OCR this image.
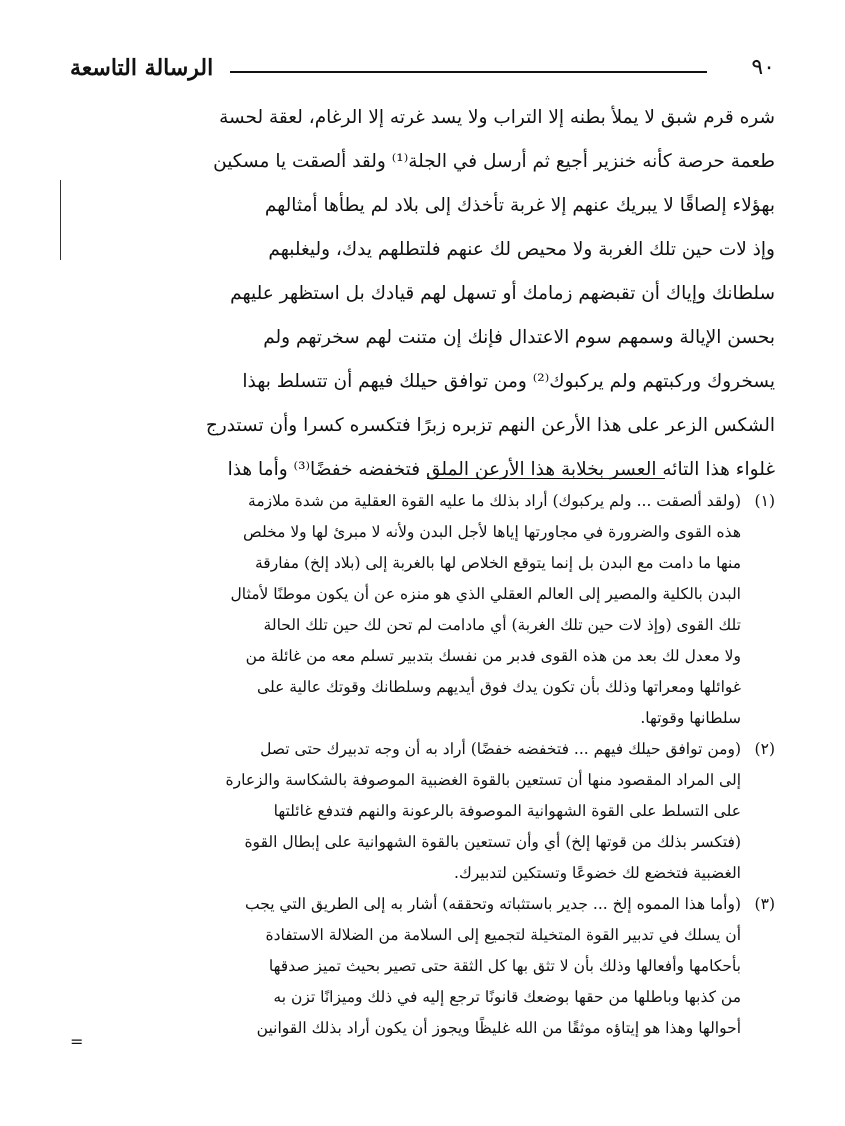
الرسالة التاسعة	٩٠
شره قرم شبق لا يملأ بطنه إلا التراب ولا يسد غرته إلا الرغام، لعقة لحسة
طعمة حرصة كأنه خنزير أجيع ثم أرسل في الجلة⁽¹⁾ ولقد ألصقت يا مسكين
بهؤلاء إلصاقًا لا يبريك عنهم إلا غربة تأخذك إلى بلاد لم يطأها أمثالهم
وإذ لات حين تلك الغربة ولا محيص لك عنهم فلتطلهم يدك، وليغلبهم
سلطانك وإياك أن تقبضهم زمامك أو تسهل لهم قيادك بل استظهر عليهم
بحسن الإيالة وسمهم سوم الاعتدال فإنك إن متنت لهم سخرتهم ولم
يسخروك وركبتهم ولم يركبوك⁽²⁾ ومن توافق حيلك فيهم أن تتسلط بهذا
الشكس الزعر على هذا الأرعن النهم تزبره زبرًا فتكسره كسرا وأن تستدرج
غلواء هذا التائه العسر بخلابة هذا الأرعن الملق فتخفضه خفضًا⁽³⁾ وأما هذا
(١)(ولقد ألصقت ... ولم يركبوك) أراد بذلك ما عليه القوة العقلية من شدة ملازمة
هذه القوى والضرورة في مجاورتها إياها لأجل البدن ولأنه لا مبرئ لها ولا مخلص
منها ما دامت مع البدن بل إنما يتوقع الخلاص لها بالغربة إلى (بلاد إلخ) مفارقة
البدن بالكلية والمصير إلى العالم العقلي الذي هو منزه عن أن يكون موطنًا لأمثال
تلك القوى (وإذ لات حين تلك الغربة) أي مادامت لم تحن لك حين تلك الحالة
ولا معدل لك بعد من هذه القوى فدبر من نفسك بتدبير تسلم معه من غائلة من
غوائلها ومعراتها وذلك بأن تكون يدك فوق أيديهم وسلطانك وقوتك عالية على
سلطانها وقوتها.
(٢)(ومن توافق حيلك فيهم ... فتخفضه خفضًا) أراد به أن وجه تدبيرك حتى تصل
إلى المراد المقصود منها أن تستعين بالقوة الغضبية الموصوفة بالشكاسة والزعارة
على التسلط على القوة الشهوانية الموصوفة بالرعونة والنهم فتدفع غائلتها
(فتكسر بذلك من قوتها إلخ) أي وأن تستعين بالقوة الشهوانية على إبطال القوة
الغضبية فتخضع لك خضوعًا وتستكين لتدبيرك.
(٣)(وأما هذا المموه إلخ ... جدير باستثباته وتحققه) أشار به إلى الطريق التي يجب
أن يسلك في تدبير القوة المتخيلة لتجميع إلى السلامة من الضلالة الاستفادة
بأحكامها وأفعالها وذلك بأن لا تثق بها كل الثقة حتى تصير بحيث تميز صدقها
من كذبها وباطلها من حقها بوضعك قانونًا ترجع إليه في ذلك وميزانًا تزن به
أحوالها وهذا هو إيتاؤه موثقًا من الله غليظًا ويجوز أن يكون أراد بذلك القوانين
=
